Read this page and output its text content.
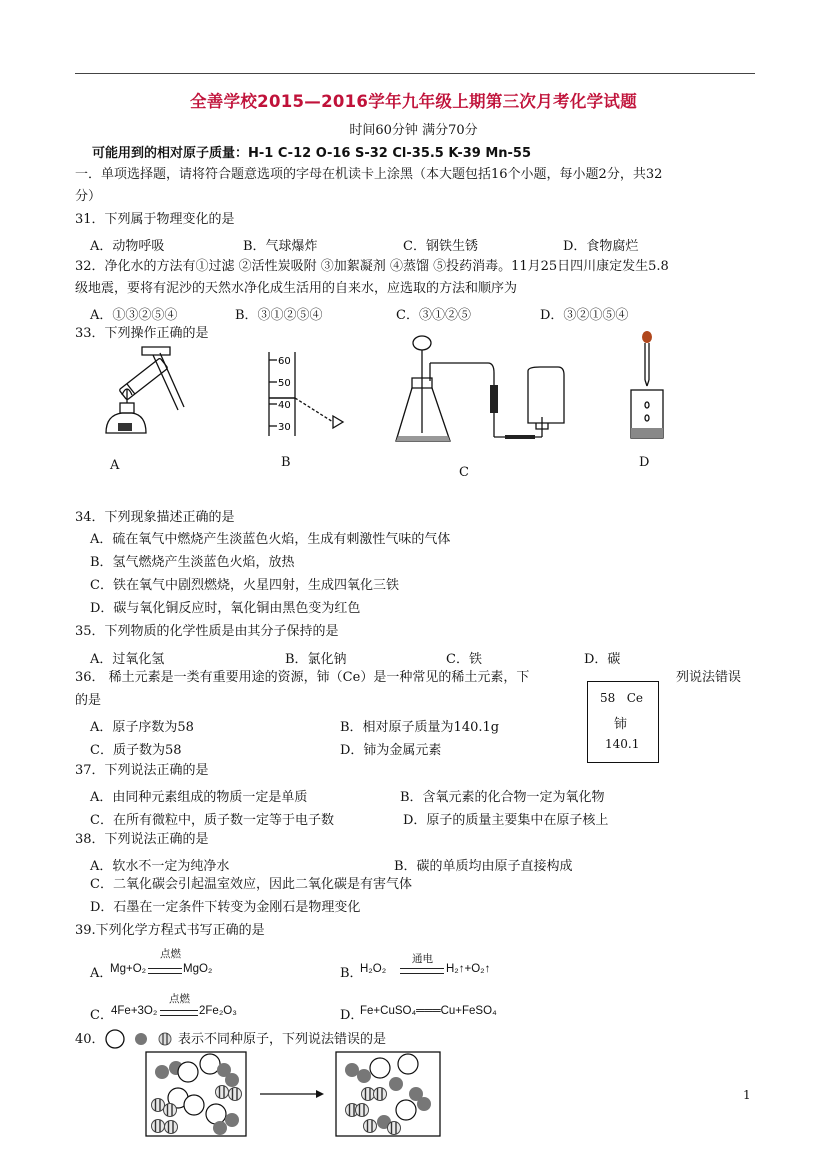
全善学校2015—2016学年九年级上期第三次月考化学试题
时间60分钟 满分70分
可能用到的相对原子质量：H-1 C-12 O-16 S-32 Cl-35.5 K-39 Mn-55
一．单项选择题，请将符合题意选项的字母在机读卡上涂黑（本大题包括16个小题，每小题2分，共32
分）
31．下列属于物理变化的是
A．动物呼吸	B．气球爆炸	C．钢铁生锈	D．食物腐烂
32．净化水的方法有①过滤 ②活性炭吸附 ③加絮凝剂 ④蒸馏 ⑤投药消毒。11月25日四川康定发生5.8
级地震，要将有泥沙的天然水净化成生活用的自来水，应选取的方法和顺序为
A．①③②⑤④	B．③①②⑤④	C．③①②⑤	D．③②①⑤④
33．下列操作正确的是
A
60
50
40
30
B
C
D
34．下列现象描述正确的是
A．硫在氧气中燃烧产生淡蓝色火焰，生成有刺激性气味的气体
B．氢气燃烧产生淡蓝色火焰，放热
C．铁在氧气中剧烈燃烧，火星四射，生成四氧化三铁
D．碳与氧化铜反应时，氧化铜由黑色变为红色
35．下列物质的化学性质是由其分子保持的是
A．过氧化氢	B．氯化钠	C．铁	D．碳
36． 稀土元素是一类有重要用途的资源，铈（Ce）是一种常见的稀土元素，下	列说法错误
的是
A．原子序数为58	B．相对原子质量为140.1g
C．质子数为58	D．铈为金属元素
58 Ce
铈
140.1
37．下列说法正确的是
A．由同种元素组成的物质一定是单质	B．含氧元素的化合物一定为氧化物
C．在所有微粒中，质子数一定等于电子数	D．原子的质量主要集中在原子核上
38．下列说法正确的是
A．软水不一定为纯净水	B．碳的单质均由原子直接构成
C．二氧化碳会引起温室效应，因此二氧化碳是有害气体
D．石墨在一定条件下转变为金刚石是物理变化
39.下列化学方程式书写正确的是
A．
Mg+O₂
点燃
MgO₂	B．
H₂O₂
通电
H₂↑+O₂↑
C．
4Fe+3O₂
点燃
2Fe₂O₃	D．
Fe+CuSO₄═══Cu+FeSO₄
40．	表示不同种原子，下列说法错误的是
1
